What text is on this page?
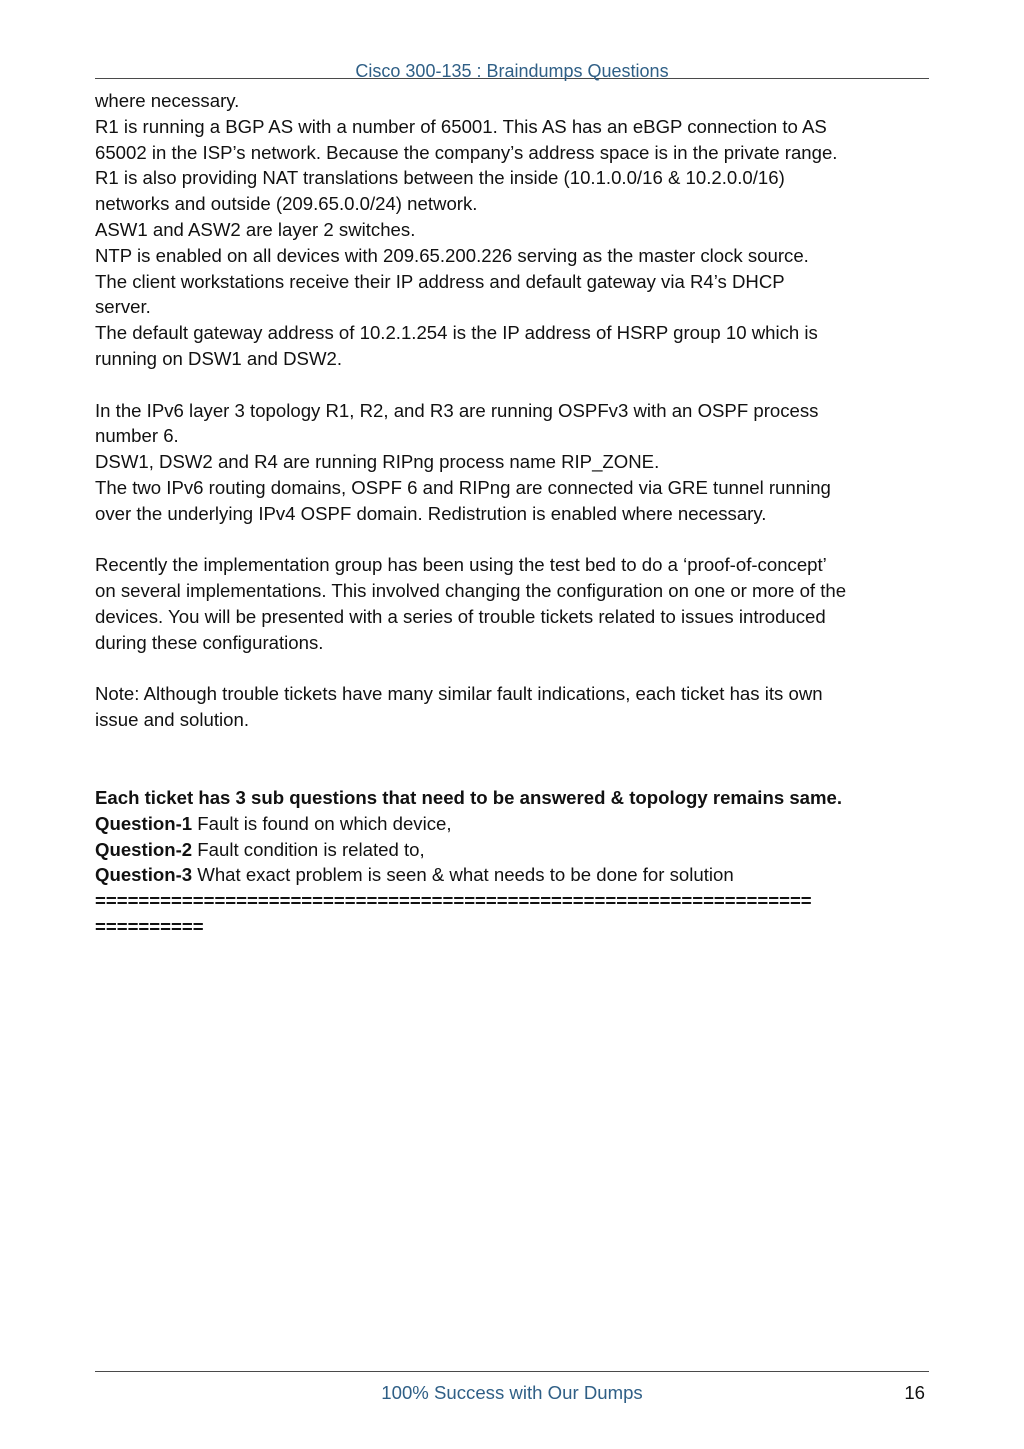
Cisco 300-135 : Braindumps Questions

where necessary.

R1 is running a BGP AS with a number of 65001. This AS has an eBGP connection to AS

65002 in the ISP’s network. Because the company’s address space is in the private range.

R1 is also providing NAT translations between the inside (10.1.0.0/16 & 10.2.0.0/16)

networks and outside (209.65.0.0/24) network.

ASW1 and ASW2 are layer 2 switches.

NTP is enabled on all devices with 209.65.200.226 serving as the master clock source.

The client workstations receive their IP address and default gateway via R4’s DHCP

server.

The default gateway address of 10.2.1.254 is the IP address of HSRP group 10 which is

running on DSW1 and DSW2.

In the IPv6 layer 3 topology R1, R2, and R3 are running OSPFv3 with an OSPF process

number 6.

DSW1, DSW2 and R4 are running RIPng process name RIP_ZONE.

The two IPv6 routing domains, OSPF 6 and RIPng are connected via GRE tunnel running

over the underlying IPv4 OSPF domain. Redistrution is enabled where necessary.

Recently the implementation group has been using the test bed to do a ‘proof-of-concept’

on several implementations. This involved changing the configuration on one or more of the

devices. You will be presented with a series of trouble tickets related to issues introduced

during these configurations.

Note: Although trouble tickets have many similar fault indications, each ticket has its own

issue and solution.

Each ticket has 3 sub questions that need to be answered & topology remains same.

Question-1 Fault is found on which device,

Question-2 Fault condition is related to,

Question-3 What exact problem is seen & what needs to be done for solution

==================================================================

==========

100% Success with Our Dumps	16
